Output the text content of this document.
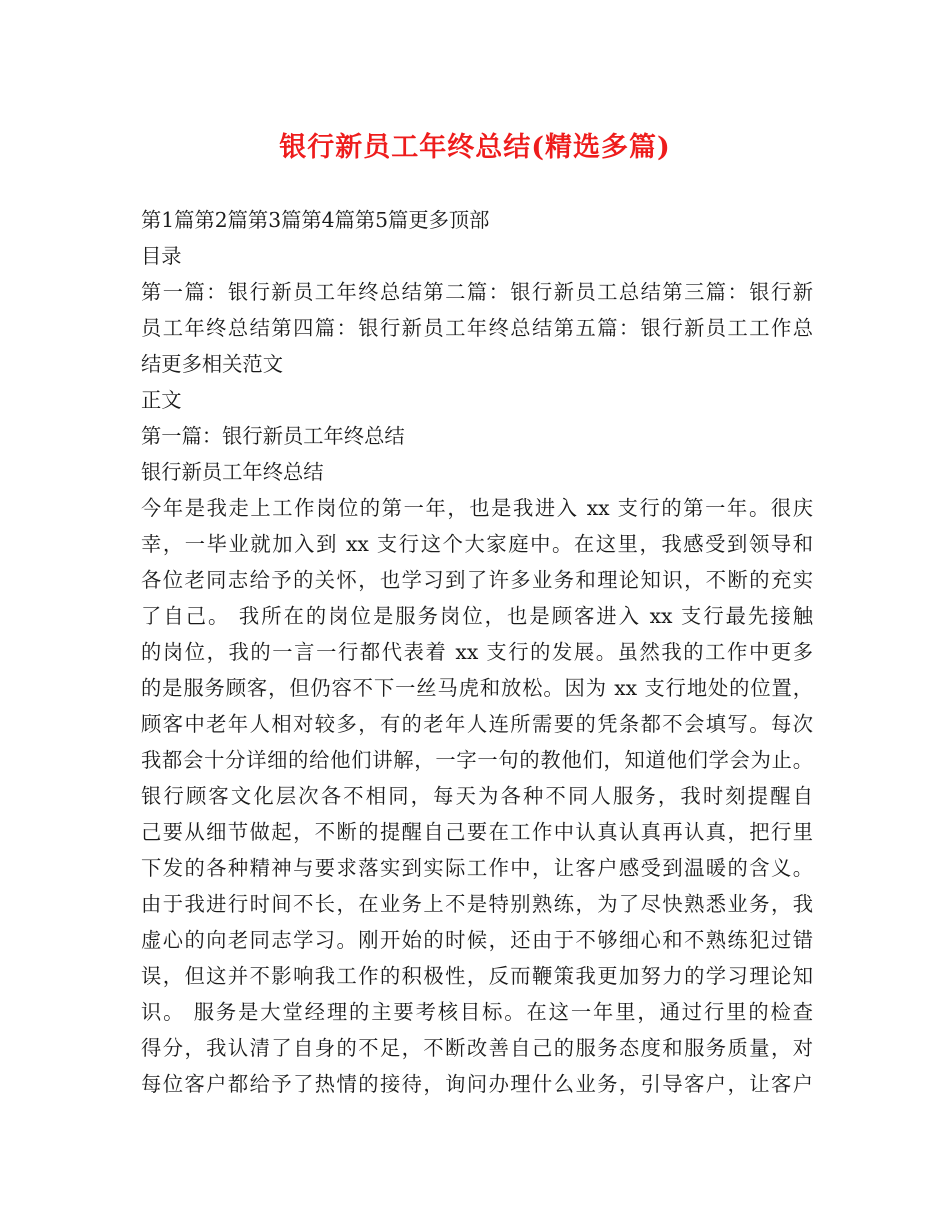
银行新员工年终总结(精选多篇)
第1篇第2篇第3篇第4篇第5篇更多顶部
目录
第一篇：银行新员工年终总结第二篇：银行新员工总结第三篇：银行新
员工年终总结第四篇：银行新员工年终总结第五篇：银行新员工工作总
结更多相关范文
正文
第一篇：银行新员工年终总结
银行新员工年终总结
今年是我走上工作岗位的第一年，也是我进入 xx 支行的第一年。很庆
幸，一毕业就加入到 xx 支行这个大家庭中。在这里，我感受到领导和
各位老同志给予的关怀，也学习到了许多业务和理论知识，不断的充实
了自己。 我所在的岗位是服务岗位，也是顾客进入 xx 支行最先接触
的岗位，我的一言一行都代表着 xx 支行的发展。虽然我的工作中更多
的是服务顾客，但仍容不下一丝马虎和放松。因为 xx 支行地处的位置，
顾客中老年人相对较多，有的老年人连所需要的凭条都不会填写。每次
我都会十分详细的给他们讲解，一字一句的教他们，知道他们学会为止。
银行顾客文化层次各不相同，每天为各种不同人服务，我时刻提醒自
己要从细节做起，不断的提醒自己要在工作中认真认真再认真，把行里
下发的各种精神与要求落实到实际工作中，让客户感受到温暖的含义。
由于我进行时间不长，在业务上不是特别熟练，为了尽快熟悉业务，我
虚心的向老同志学习。刚开始的时候，还由于不够细心和不熟练犯过错
误，但这并不影响我工作的积极性，反而鞭策我更加努力的学习理论知
识。 服务是大堂经理的主要考核目标。在这一年里，通过行里的检查
得分，我认清了自身的不足，不断改善自己的服务态度和服务质量，对
每位客户都给予了热情的接待，询问办理什么业务，引导客户，让客户
